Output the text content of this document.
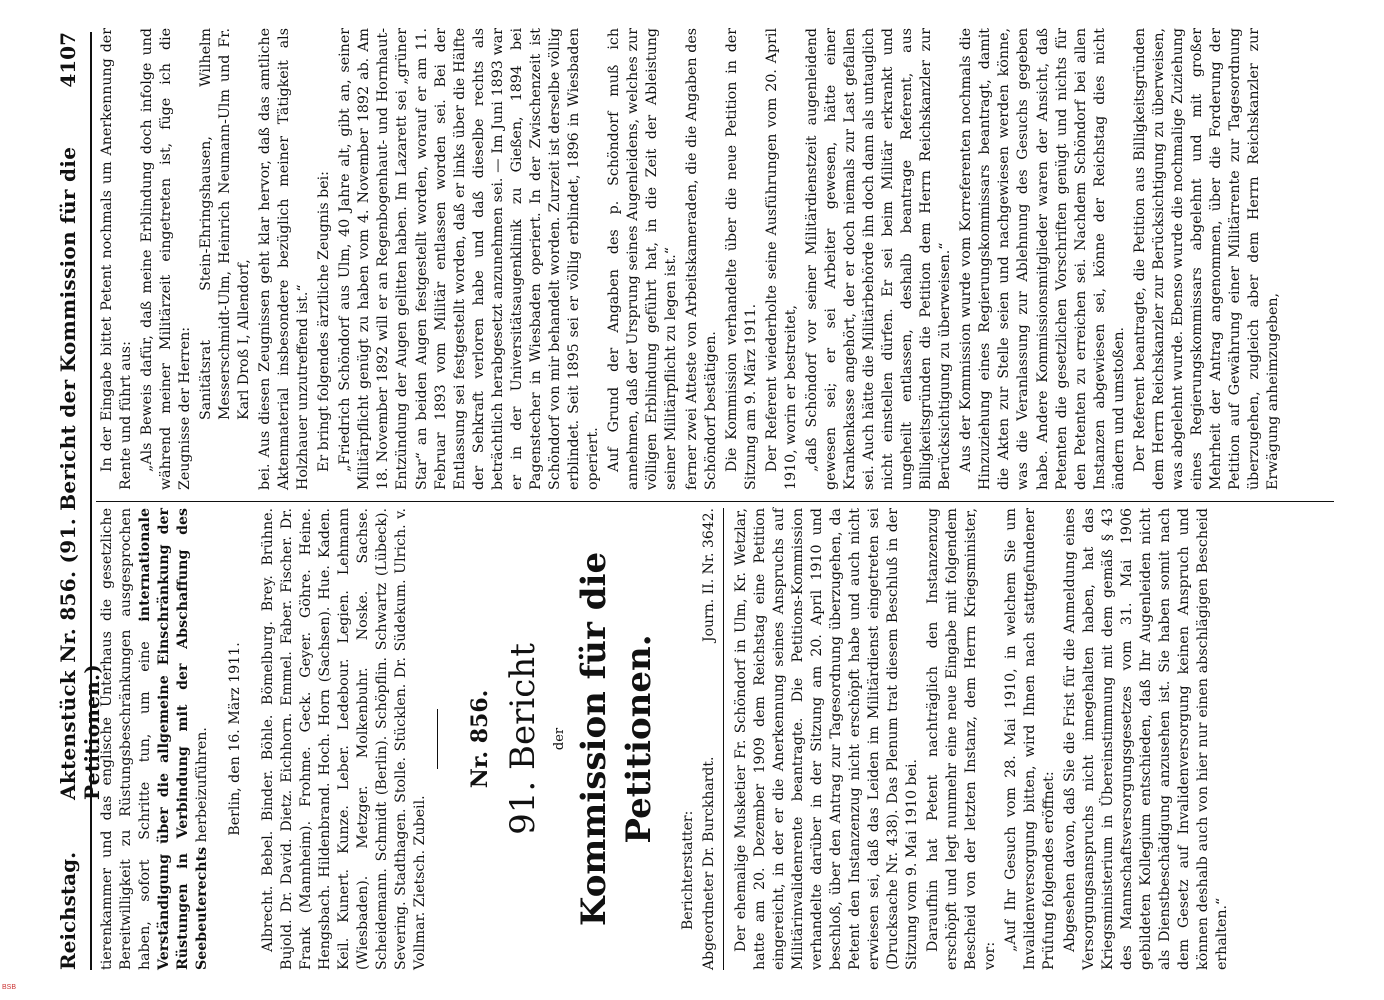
Reichstag.
Aktenstück Nr. 856. (91. Bericht der Kommission für die Petitionen.)
4107

tierenkammer und das englische Unterhaus die gesetzliche Bereitwilligkeit zu Rüstungsbeschränkungen ausgesprochen haben, sofort Schritte tun, um eine internationale Verständigung über die allgemeine Einschränkung der Rüstungen in Verbindung mit der Abschaffung des Seebeuterechts herbeizuführen. Berlin, den 16. März 1911. Albrecht. Bebel. Binder. Böhle. Bömelburg. Brey. Brühne. Bujold. Dr. David. Dietz. Eichhorn. Emmel. Faber. Fischer. Dr. Frank (Mannheim). Frohme. Geck. Geyer. Göhre. Heine. Hengsbach. Hildenbrand. Hoch. Horn (Sachsen). Hue. Kaden. Keil. Kunert. Kunze. Leber. Ledebour. Legien. Lehmann (Wiesbaden). Metzger. Molkenbuhr. Noske. Sachse. Scheidemann. Schmidt (Berlin). Schöpflin. Schwartz (Lübeck). Severing. Stadthagen. Stolle. Stücklen. Dr. Südekum. Ulrich. v. Vollmar. Zietsch. Zubeil.

Nr. 856. 91. Bericht der Kommission für die Petitionen.
Berichterstatter: Abgeordneter Dr. Burckhardt.
Journ. II. Nr. 3642. Der ehemalige Musketier Fr. Schöndorf in Ulm, Kr. Wetzlar, hatte am 20. Dezember 1909 dem Reichstag eine Petition eingereicht, in der er die Anerkennung seines Anspruchs auf Militärinvalidenrente beantragte. Die Petitions-Kommission verhandelte darüber in der Sitzung am 20. April 1910 und beschloß, über den Antrag zur Tagesordnung überzugehen, da Petent den Instanzenzug nicht erschöpft habe und auch nicht erwiesen sei, daß das Leiden im Militärdienst eingetreten sei (Drucksache Nr. 438). Das Plenum trat diesem Beschluß in der Sitzung vom 9. Mai 1910 bei. Daraufhin hat Petent nachträglich den Instanzenzug erschöpft und legt nunmehr eine neue Eingabe mit folgendem Bescheid von der letzten Instanz, dem Herrn Kriegsminister, vor:

„Auf Ihr Gesuch vom 28. Mai 1910, in welchem Sie um Invalidenversorgung bitten, wird Ihnen nach stattgefundener Prüfung folgendes eröffnet: Abgesehen davon, daß Sie die Frist für die Anmeldung eines Versorgungsanspruchs nicht innegehalten haben, hat das Kriegsministerium in Übereinstimmung mit dem gemäß § 43 des Mannschaftsversorgungsgesetzes vom 31. Mai 1906 gebildeten Kollegium entschieden, daß Ihr Augenleiden nicht als Dienstbeschädigung anzusehen ist. Sie haben somit nach dem Gesetz auf Invalidenversorgung keinen Anspruch und können deshalb auch von hier nur einen abschlägigen Bescheid erhalten.“

In der Eingabe bittet Petent nochmals um Anerkennung der Rente und führt aus: „Als Beweis dafür, daß meine Erblindung doch infolge und während meiner Militärzeit eingetreten ist, füge ich die Zeugnisse der Herren: Sanitätsrat Stein-Ehringshausen, Wilhelm Messerschmidt-Ulm, Heinrich Neumann-Ulm und Fr. Karl Droß I, Allendorf, bei. Aus diesen Zeugnissen geht klar hervor, daß das amtliche Aktenmaterial insbesondere bezüglich meiner Tätigkeit als Holzhauer unzutreffend ist.“ Er bringt folgendes ärztliche Zeugnis bei: „Friedrich Schöndorf aus Ulm, 40 Jahre alt, gibt an, seiner Militärpflicht genügt zu haben vom 4. November 1892 ab. Am 18. November 1892 will er an Regenbogenhaut- und Hornhaut-Entzündung der Augen gelitten haben. Im Lazarett sei „grüner Star“ an beiden Augen festgestellt worden, worauf er am 11. Februar 1893 vom Militär entlassen worden sei. Bei der Entlassung sei festgestellt worden, daß er links über die Hälfte der Sehkraft verloren habe und daß dieselbe rechts als beträchtlich herabgesetzt anzunehmen sei. — Im Juni 1893 war er in der Universitätsaugenklinik zu Gießen, 1894 bei Pagenstecher in Wiesbaden operiert. In der Zwischenzeit ist Schöndorf von mir behandelt worden. Zurzeit ist derselbe völlig erblindet. Seit 1895 sei er völlig erblindet, 1896 in Wiesbaden operiert. Auf Grund der Angaben des p. Schöndorf muß ich annehmen, daß der Ursprung seines Augenleidens, welches zur völligen Erblindung geführt hat, in die Zeit der Ableistung seiner Militärpflicht zu legen ist.“ ferner zwei Atteste von Arbeitskameraden, die die Angaben des Schöndorf bestätigen. Die Kommission verhandelte über die neue Petition in der Sitzung am 9. März 1911. Der Referent wiederholte seine Ausführungen vom 20. April 1910, worin er bestreitet, „daß Schöndorf vor seiner Militärdienstzeit augenleidend gewesen sei; er sei Arbeiter gewesen, hätte einer Krankenkasse angehört, der er doch niemals zur Last gefallen sei. Auch hätte die Militärbehörde ihn doch dann als untauglich nicht einstellen dürfen. Er sei beim Militär erkrankt und ungeheilt entlassen, deshalb beantrage Referent, aus Billigkeitsgründen die Petition dem Herrn Reichskanzler zur Berücksichtigung zu überweisen.“ Aus der Kommission wurde vom Korreferenten nochmals die Hinzuziehung eines Regierungskommissars beantragt, damit die Akten zur Stelle seien und nachgewiesen werden könne, was die Veranlassung zur Ablehnung des Gesuchs gegeben habe. Andere Kommissionsmitglieder waren der Ansicht, daß Petenten die gesetzlichen Vorschriften genügt und nichts für den Petenten zu erreichen sei. Nachdem Schöndorf bei allen Instanzen abgewiesen sei, könne der Reichstag dies nicht ändern und umstoßen. Der Referent beantragte, die Petition aus Billigkeitsgründen dem Herrn Reichskanzler zur Berücksichtigung zu überweisen, was abgelehnt wurde. Ebenso wurde die nochmalige Zuziehung eines Regierungskommissars abgelehnt und mit großer Mehrheit der Antrag angenommen, über die Forderung der Petition auf Gewährung einer Militärrente zur Tagesordnung überzugehen, zugleich aber dem Herrn Reichskanzler zur Erwägung anheimzugeben,

BSB
